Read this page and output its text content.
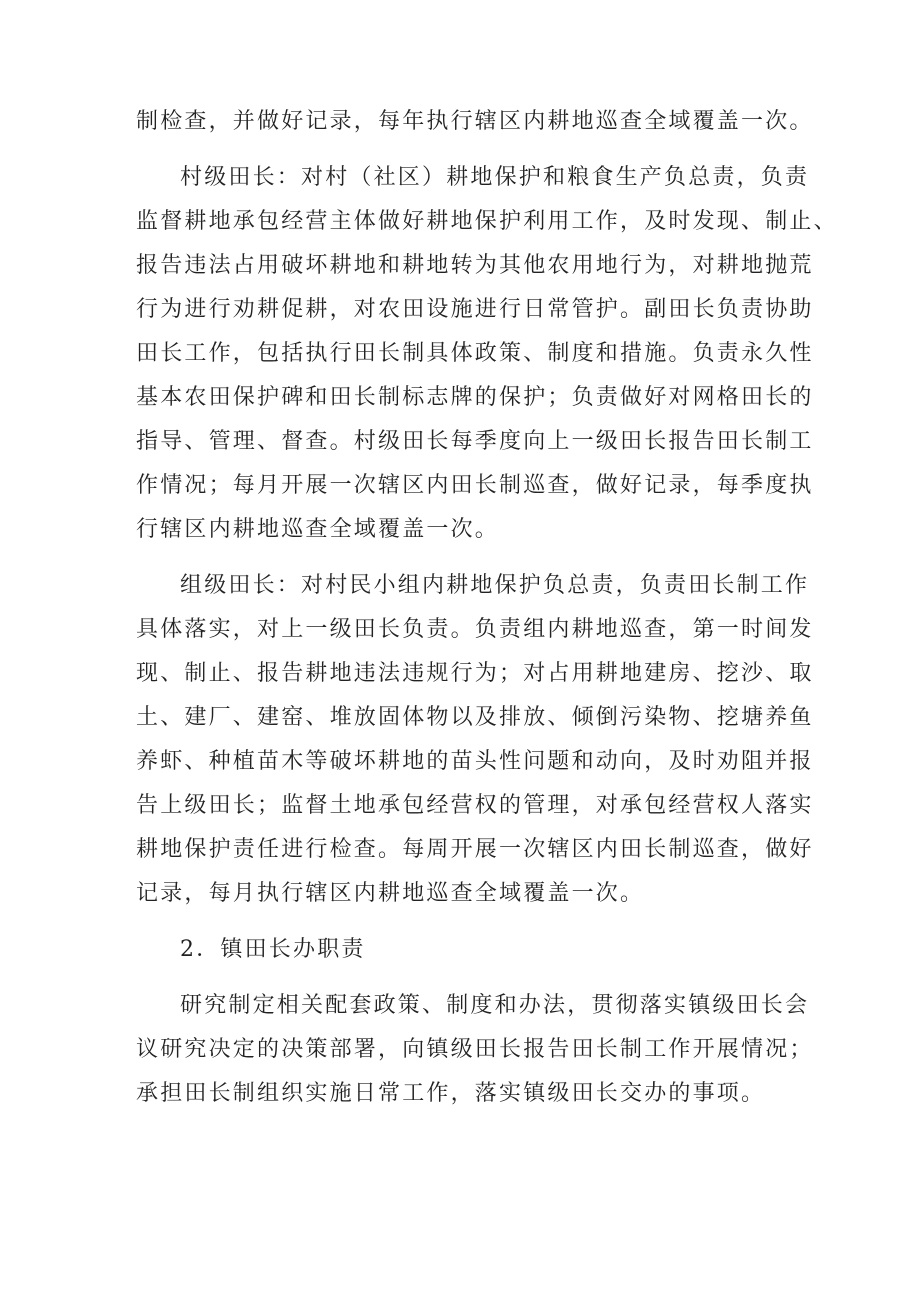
制检查，并做好记录，每年执行辖区内耕地巡查全域覆盖一次。
村级田长：对村（社区）耕地保护和粮食生产负总责，负责
监督耕地承包经营主体做好耕地保护利用工作，及时发现、制止、
报告违法占用破坏耕地和耕地转为其他农用地行为，对耕地抛荒
行为进行劝耕促耕，对农田设施进行日常管护。副田长负责协助
田长工作，包括执行田长制具体政策、制度和措施。负责永久性
基本农田保护碑和田长制标志牌的保护；负责做好对网格田长的
指导、管理、督查。村级田长每季度向上一级田长报告田长制工
作情况；每月开展一次辖区内田长制巡查，做好记录，每季度执
行辖区内耕地巡查全域覆盖一次。
组级田长：对村民小组内耕地保护负总责，负责田长制工作
具体落实，对上一级田长负责。负责组内耕地巡查，第一时间发
现、制止、报告耕地违法违规行为；对占用耕地建房、挖沙、取
土、建厂、建窑、堆放固体物以及排放、倾倒污染物、挖塘养鱼
养虾、种植苗木等破坏耕地的苗头性问题和动向，及时劝阻并报
告上级田长；监督土地承包经营权的管理，对承包经营权人落实
耕地保护责任进行检查。每周开展一次辖区内田长制巡查，做好
记录，每月执行辖区内耕地巡查全域覆盖一次。
2．镇田长办职责
研究制定相关配套政策、制度和办法，贯彻落实镇级田长会
议研究决定的决策部署，向镇级田长报告田长制工作开展情况；
承担田长制组织实施日常工作，落实镇级田长交办的事项。
